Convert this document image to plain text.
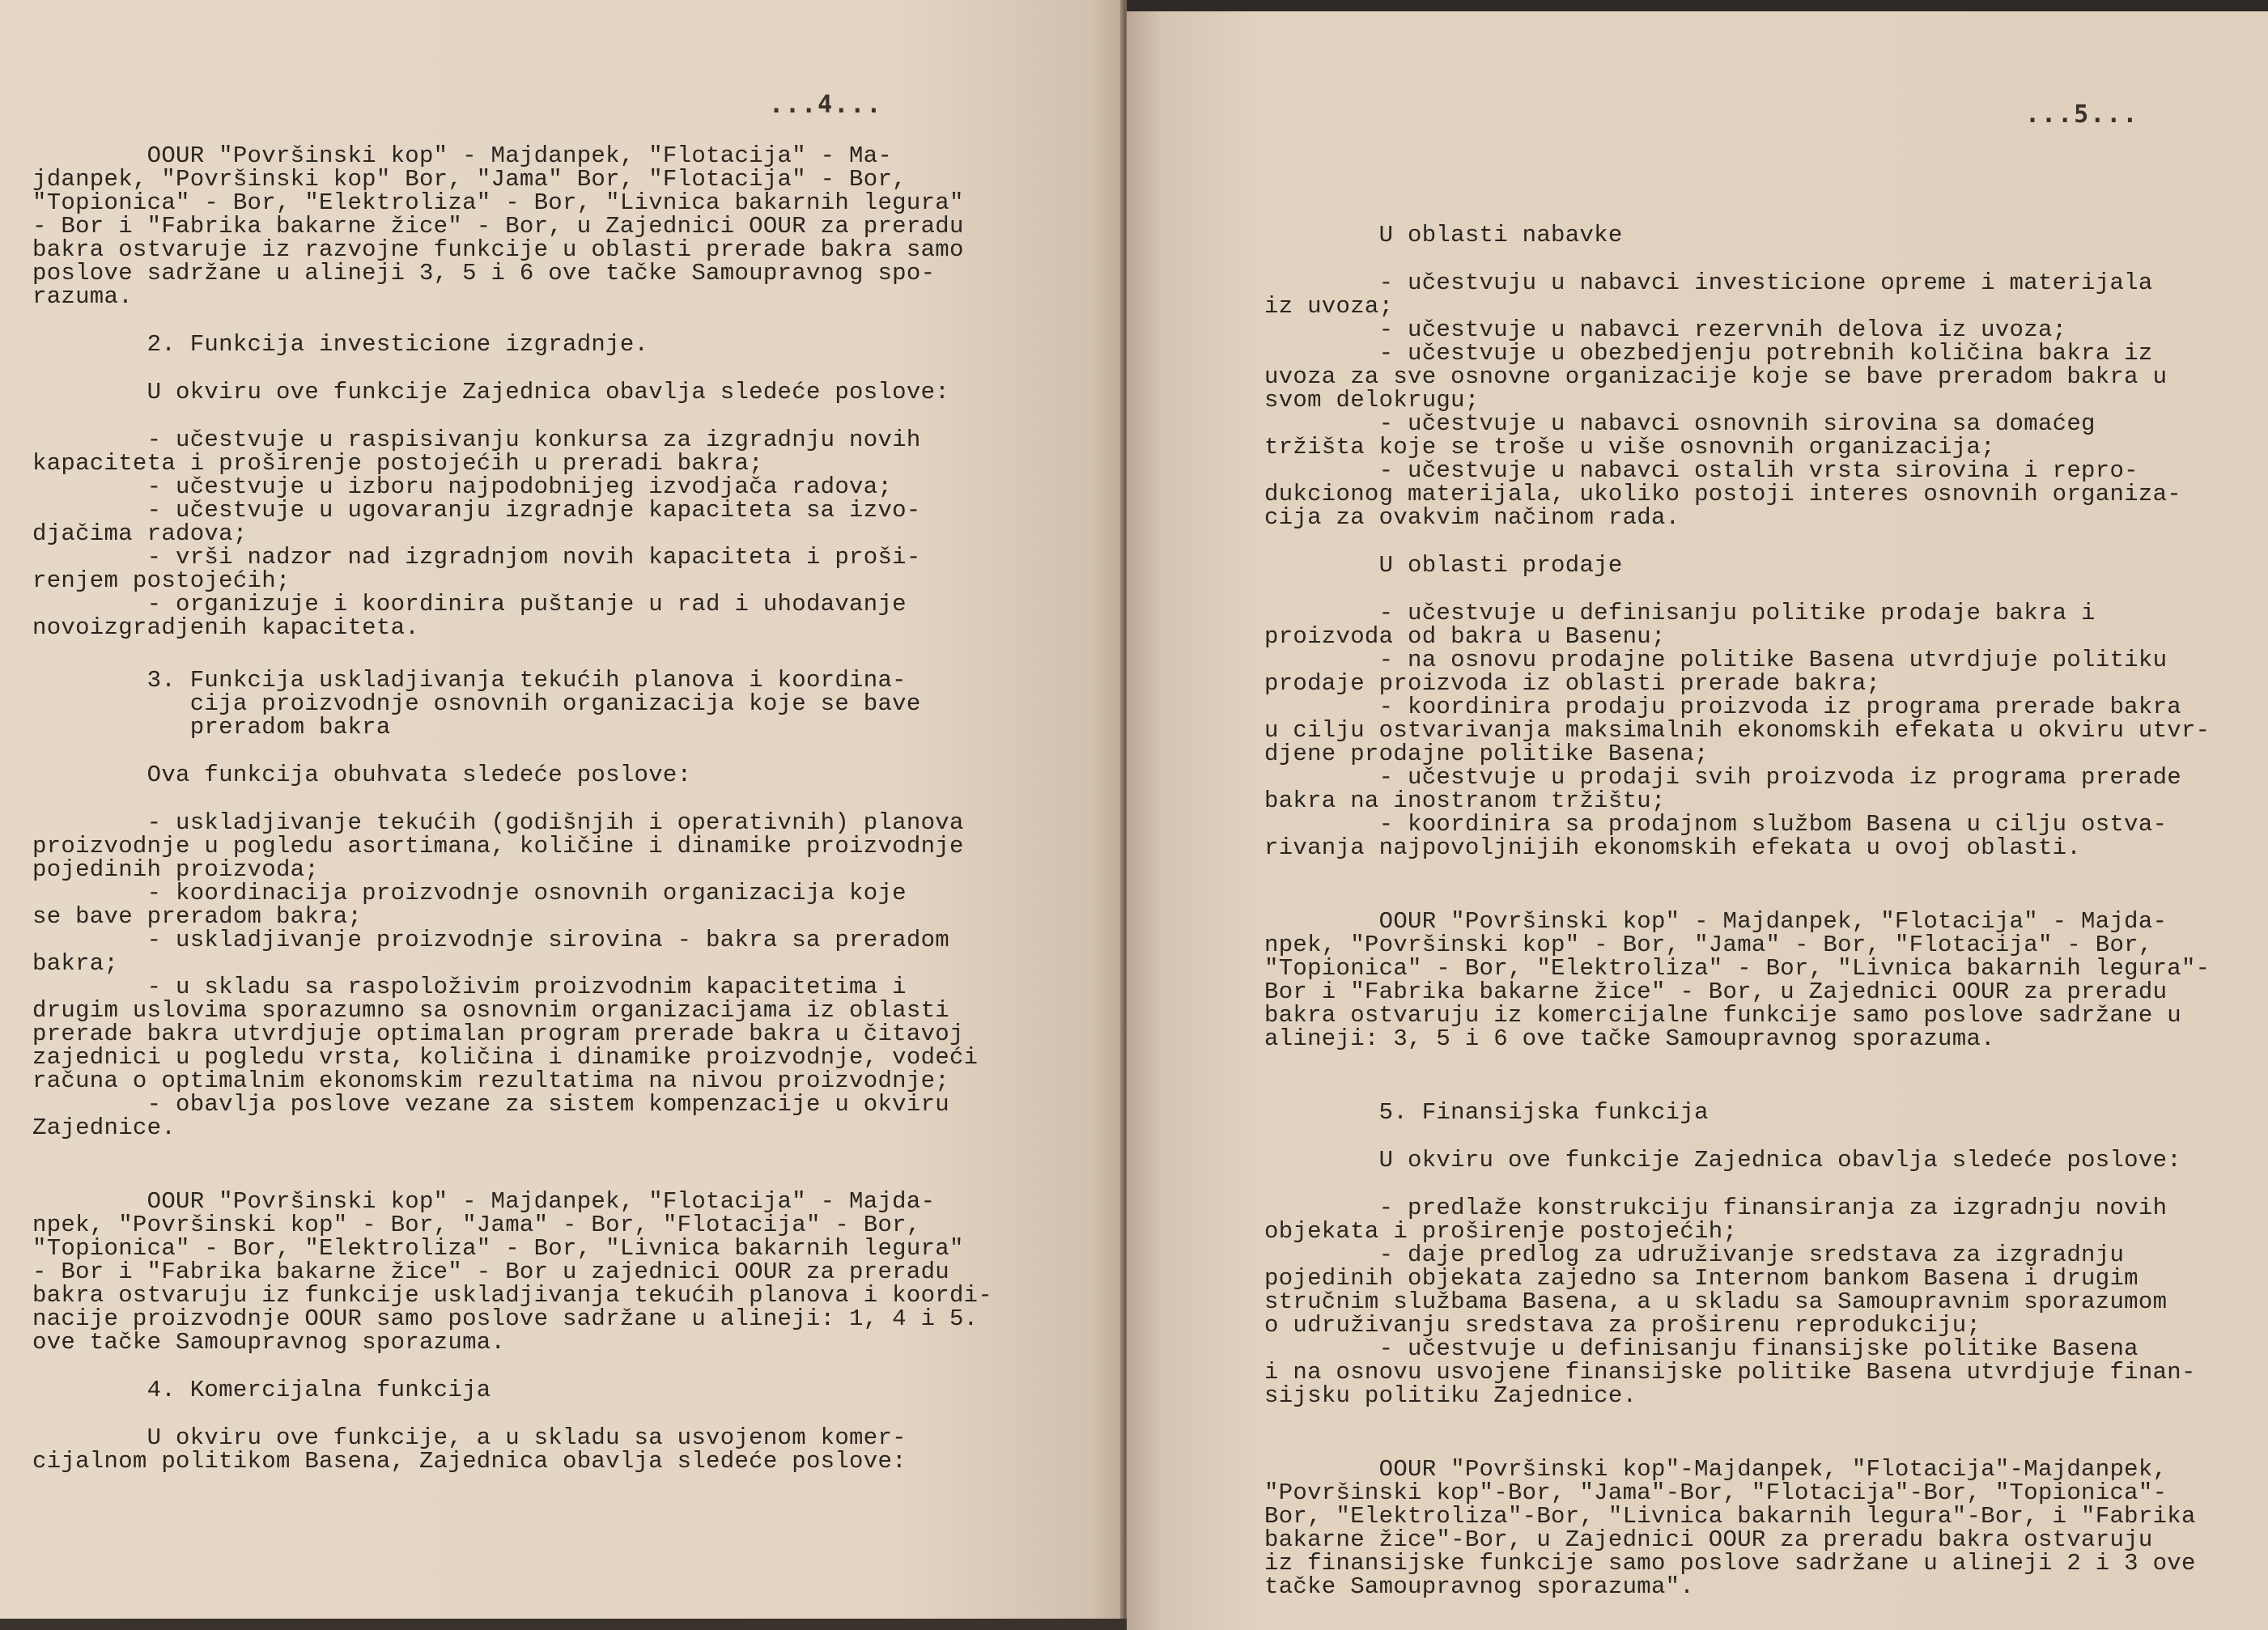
...4...
OOUR "Površinski kop" - Majdanpek, "Flotacija" - Ma-
jdanpek, "Površinski kop" Bor, "Jama" Bor, "Flotacija" - Bor,
"Topionica" - Bor, "Elektroliza" - Bor, "Livnica bakarnih legura"
- Bor i "Fabrika bakarne žice" - Bor, u Zajednici OOUR za preradu
bakra ostvaruje iz razvojne funkcije u oblasti prerade bakra samo
poslove sadržane u alineji 3, 5 i 6 ove tačke Samoupravnog spo-
razuma.
2. Funkcija investicione izgradnje.
U okviru ove funkcije Zajednica obavlja sledeće poslove:
- učestvuje u raspisivanju konkursa za izgradnju novih
kapaciteta i proširenje postojećih u preradi bakra;
- učestvuje u izboru najpodobnijeg izvodjača radova;
- učestvuje u ugovaranju izgradnje kapaciteta sa izvo-
djačima radova;
- vrši nadzor nad izgradnjom novih kapaciteta i proši-
renjem postojećih;
- organizuje i koordinira puštanje u rad i uhodavanje
novoizgradjenih kapaciteta.
3. Funkcija uskladjivanja tekućih planova i koordina-
cija proizvodnje osnovnih organizacija koje se bave
preradom bakra
Ova funkcija obuhvata sledeće poslove:
- uskladjivanje tekućih (godišnjih i operativnih) planova
proizvodnje u pogledu asortimana, količine i dinamike proizvodnje
pojedinih proizvoda;
- koordinacija proizvodnje osnovnih organizacija koje
se bave preradom bakra;
- uskladjivanje proizvodnje sirovina - bakra sa preradom
bakra;
- u skladu sa raspoloživim proizvodnim kapacitetima i
drugim uslovima sporazumno sa osnovnim organizacijama iz oblasti
prerade bakra utvrdjuje optimalan program prerade bakra u čitavoj
zajednici u pogledu vrsta, količina i dinamike proizvodnje, vodeći
računa o optimalnim ekonomskim rezultatima na nivou proizvodnje;
- obavlja poslove vezane za sistem kompenzacije u okviru
Zajednice.
OOUR "Površinski kop" - Majdanpek, "Flotacija" - Majda-
npek, "Površinski kop" - Bor, "Jama" - Bor, "Flotacija" - Bor,
"Topionica" - Bor, "Elektroliza" - Bor, "Livnica bakarnih legura"
- Bor i "Fabrika bakarne žice" - Bor u zajednici OOUR za preradu
bakra ostvaruju iz funkcije uskladjivanja tekućih planova i koordi-
nacije proizvodnje OOUR samo poslove sadržane u alineji: 1, 4 i 5.
ove tačke Samoupravnog sporazuma.
4. Komercijalna funkcija
U okviru ove funkcije, a u skladu sa usvojenom komer-
cijalnom politikom Basena, Zajednica obavlja sledeće poslove:
...5...
U oblasti nabavke
- učestvuju u nabavci investicione opreme i materijala
iz uvoza;
- učestvuje u nabavci rezervnih delova iz uvoza;
- učestvuje u obezbedjenju potrebnih količina bakra iz
uvoza za sve osnovne organizacije koje se bave preradom bakra u
svom delokrugu;
- učestvuje u nabavci osnovnih sirovina sa domaćeg
tržišta koje se troše u više osnovnih organizacija;
- učestvuje u nabavci ostalih vrsta sirovina i repro-
dukcionog materijala, ukoliko postoji interes osnovnih organiza-
cija za ovakvim načinom rada.
U oblasti prodaje
- učestvuje u definisanju politike prodaje bakra i
proizvoda od bakra u Basenu;
- na osnovu prodajne politike Basena utvrdjuje politiku
prodaje proizvoda iz oblasti prerade bakra;
- koordinira prodaju proizvoda iz programa prerade bakra
u cilju ostvarivanja maksimalnih ekonomskih efekata u okviru utvr-
djene prodajne politike Basena;
- učestvuje u prodaji svih proizvoda iz programa prerade
bakra na inostranom tržištu;
- koordinira sa prodajnom službom Basena u cilju ostva-
rivanja najpovoljnijih ekonomskih efekata u ovoj oblasti.
OOUR "Površinski kop" - Majdanpek, "Flotacija" - Majda-
npek, "Površinski kop" - Bor, "Jama" - Bor, "Flotacija" - Bor,
"Topionica" - Bor, "Elektroliza" - Bor, "Livnica bakarnih legura"-
Bor i "Fabrika bakarne žice" - Bor, u Zajednici OOUR za preradu
bakra ostvaruju iz komercijalne funkcije samo poslove sadržane u
alineji: 3, 5 i 6 ove tačke Samoupravnog sporazuma.
5. Finansijska funkcija
U okviru ove funkcije Zajednica obavlja sledeće poslove:
- predlaže konstrukciju finansiranja za izgradnju novih
objekata i proširenje postojećih;
- daje predlog za udruživanje sredstava za izgradnju
pojedinih objekata zajedno sa Internom bankom Basena i drugim
stručnim službama Basena, a u skladu sa Samoupravnim sporazumom
o udruživanju sredstava za proširenu reprodukciju;
- učestvuje u definisanju finansijske politike Basena
i na osnovu usvojene finansijske politike Basena utvrdjuje finan-
sijsku politiku Zajednice.
OOUR "Površinski kop"-Majdanpek, "Flotacija"-Majdanpek,
"Površinski kop"-Bor, "Jama"-Bor, "Flotacija"-Bor, "Topionica"-
Bor, "Elektroliza"-Bor, "Livnica bakarnih legura"-Bor, i "Fabrika
bakarne žice"-Bor, u Zajednici OOUR za preradu bakra ostvaruju
iz finansijske funkcije samo poslove sadržane u alineji 2 i 3 ove
tačke Samoupravnog sporazuma".
